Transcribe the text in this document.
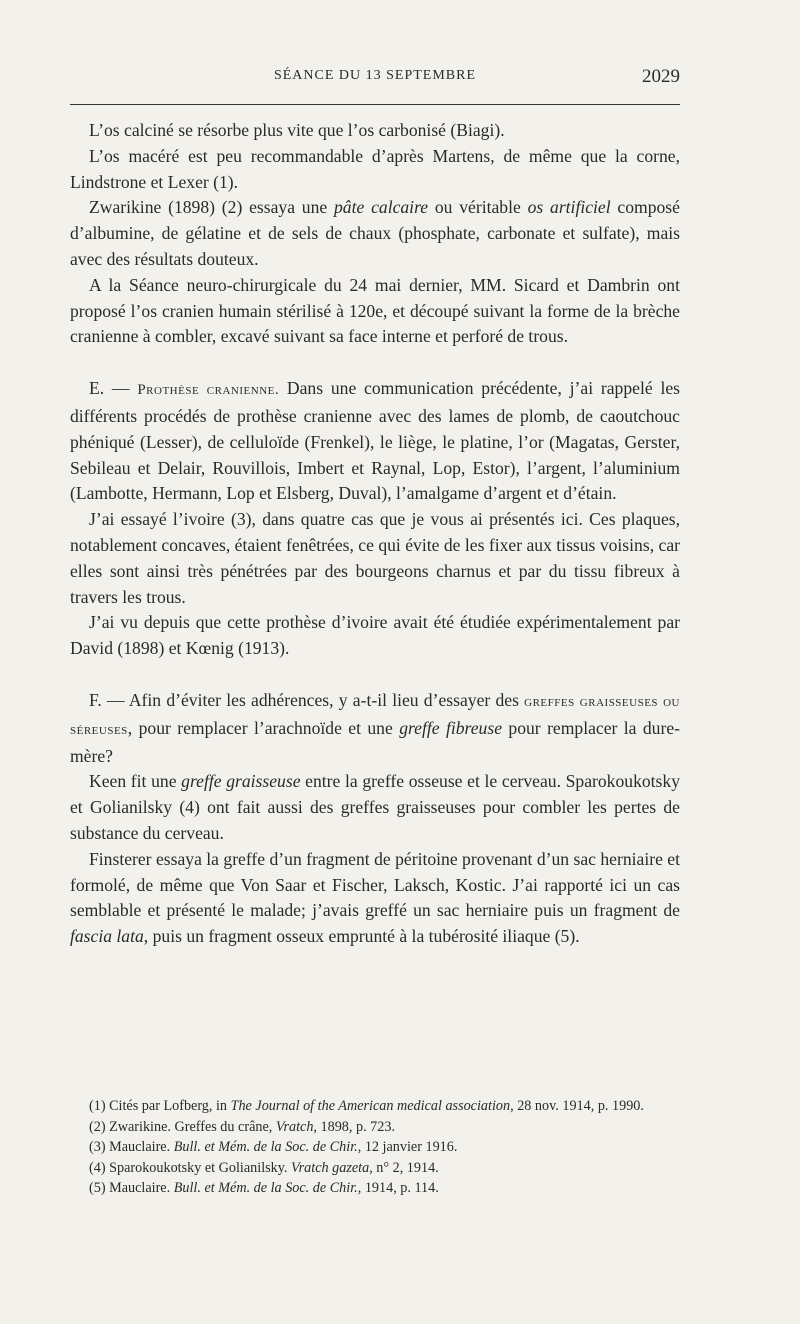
SÉANCE DU 13 SEPTEMBRE	2029

L’os calciné se résorbe plus vite que l’os carbonisé (Biagi).

L’os macéré est peu recommandable d’après Martens, de même que la corne, Lindstrone et Lexer (1).

Zwarikine (1898) (2) essaya une pâte calcaire ou véritable os artificiel composé d’albumine, de gélatine et de sels de chaux (phosphate, carbonate et sulfate), mais avec des résultats douteux.

A la Séance neuro-chirurgicale du 24 mai dernier, MM. Sicard et Dambrin ont proposé l’os cranien humain stérilisé à 120e, et découpé suivant la forme de la brèche cranienne à combler, excavé suivant sa face interne et perforé de trous.

E. — Prothèse cranienne. Dans une communication précédente, j’ai rappelé les différents procédés de prothèse cranienne avec des lames de plomb, de caoutchouc phéniqué (Lesser), de celluloïde (Frenkel), le liège, le platine, l’or (Magatas, Gerster, Sebileau et Delair, Rouvillois, Imbert et Raynal, Lop, Estor), l’argent, l’aluminium (Lambotte, Hermann, Lop et Elsberg, Duval), l’amalgame d’argent et d’étain.

J’ai essayé l’ivoire (3), dans quatre cas que je vous ai présentés ici. Ces plaques, notablement concaves, étaient fenêtrées, ce qui évite de les fixer aux tissus voisins, car elles sont ainsi très pénétrées par des bourgeons charnus et par du tissu fibreux à travers les trous.

J’ai vu depuis que cette prothèse d’ivoire avait été étudiée expérimentalement par David (1898) et Kœnig (1913).

F. — Afin d’éviter les adhérences, y a-t-il lieu d’essayer des greffes graisseuses ou séreuses, pour remplacer l’arachnoïde et une greffe fibreuse pour remplacer la dure-mère?

Keen fit une greffe graisseuse entre la greffe osseuse et le cerveau. Sparokoukotsky et Golianilsky (4) ont fait aussi des greffes graisseuses pour combler les pertes de substance du cerveau.

Finsterer essaya la greffe d’un fragment de péritoine provenant d’un sac herniaire et formolé, de même que Von Saar et Fischer, Laksch, Kostic. J’ai rapporté ici un cas semblable et présenté le malade; j’avais greffé un sac herniaire puis un fragment de fascia lata, puis un fragment osseux emprunté à la tubérosité iliaque (5).

(1) Cités par Lofberg, in The Journal of the American medical association, 28 nov. 1914, p. 1990.

(2) Zwarikine. Greffes du crâne, Vratch, 1898, p. 723.

(3) Mauclaire. Bull. et Mém. de la Soc. de Chir., 12 janvier 1916.

(4) Sparokoukotsky et Golianilsky. Vratch gazeta, n° 2, 1914.

(5) Mauclaire. Bull. et Mém. de la Soc. de Chir., 1914, p. 114.
